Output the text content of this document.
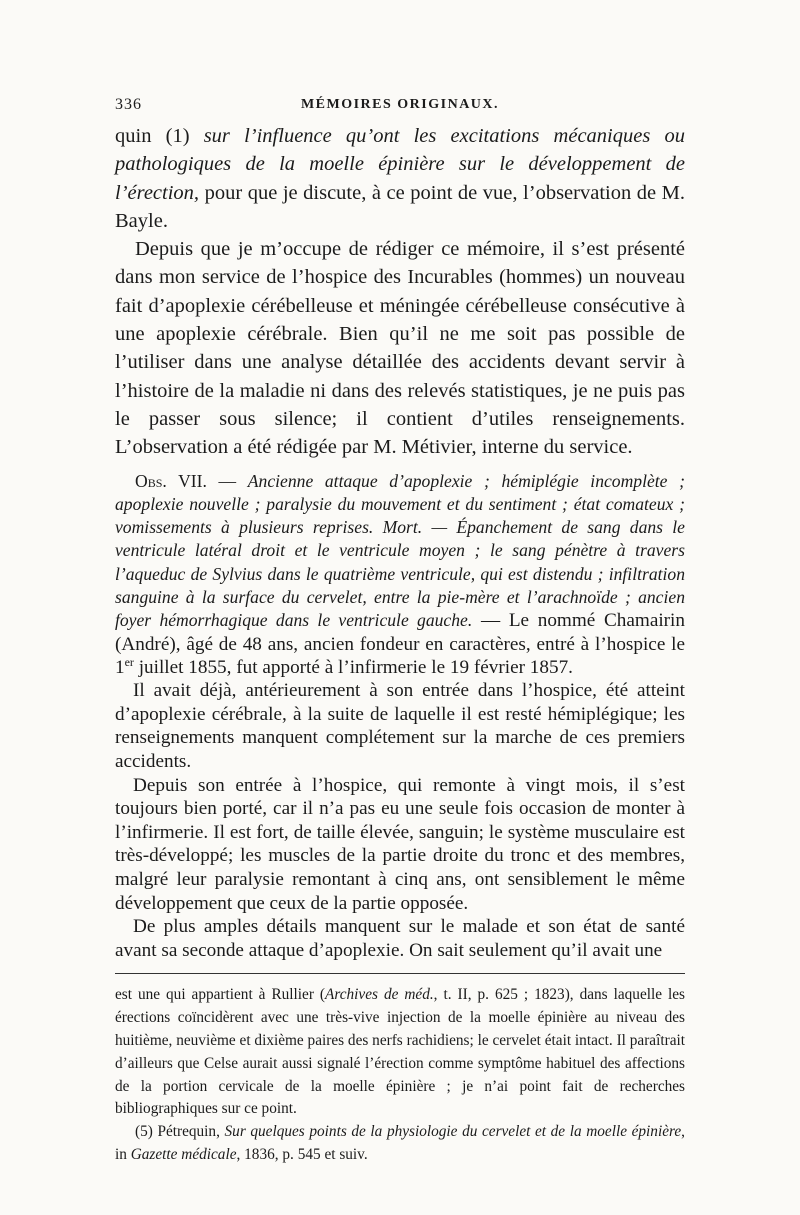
336	MÉMOIRES ORIGINAUX.

quin (1) sur l’influence qu’ont les excitations mécaniques ou pathologiques de la moelle épinière sur le développement de l’érection, pour que je discute, à ce point de vue, l’observation de M. Bayle.

Depuis que je m’occupe de rédiger ce mémoire, il s’est présenté dans mon service de l’hospice des Incurables (hommes) un nouveau fait d’apoplexie cérébelleuse et méningée cérébelleuse consécutive à une apoplexie cérébrale. Bien qu’il ne me soit pas possible de l’utiliser dans une analyse détaillée des accidents devant servir à l’histoire de la maladie ni dans des relevés statistiques, je ne puis pas le passer sous silence; il contient d’utiles renseignements. L’observation a été rédigée par M. Métivier, interne du service.

Obs. VII. — Ancienne attaque d’apoplexie ; hémiplégie incomplète ; apoplexie nouvelle ; paralysie du mouvement et du sentiment ; état comateux ; vomissements à plusieurs reprises. Mort. — Épanchement de sang dans le ventricule latéral droit et le ventricule moyen ; le sang pénètre à travers l’aqueduc de Sylvius dans le quatrième ventricule, qui est distendu ; infiltration sanguine à la surface du cervelet, entre la pie-mère et l’arachnoïde ; ancien foyer hémorrhagique dans le ventricule gauche. — Le nommé Chamairin (André), âgé de 48 ans, ancien fondeur en caractères, entré à l’hospice le 1er juillet 1855, fut apporté à l’infirmerie le 19 février 1857.

Il avait déjà, antérieurement à son entrée dans l’hospice, été atteint d’apoplexie cérébrale, à la suite de laquelle il est resté hémiplégique; les renseignements manquent complétement sur la marche de ces premiers accidents.

Depuis son entrée à l’hospice, qui remonte à vingt mois, il s’est toujours bien porté, car il n’a pas eu une seule fois occasion de monter à l’infirmerie. Il est fort, de taille élevée, sanguin; le système musculaire est très-développé; les muscles de la partie droite du tronc et des membres, malgré leur paralysie remontant à cinq ans, ont sensiblement le même développement que ceux de la partie opposée.

De plus amples détails manquent sur le malade et son état de santé avant sa seconde attaque d’apoplexie. On sait seulement qu’il avait une

est une qui appartient à Rullier (Archives de méd., t. II, p. 625 ; 1823), dans laquelle les érections coïncidèrent avec une très-vive injection de la moelle épinière au niveau des huitième, neuvième et dixième paires des nerfs rachidiens; le cervelet était intact. Il paraîtrait d’ailleurs que Celse aurait aussi signalé l’érection comme symptôme habituel des affections de la portion cervicale de la moelle épinière ; je n’ai point fait de recherches bibliographiques sur ce point.

(5) Pétrequin, Sur quelques points de la physiologie du cervelet et de la moelle épinière, in Gazette médicale, 1836, p. 545 et suiv.
